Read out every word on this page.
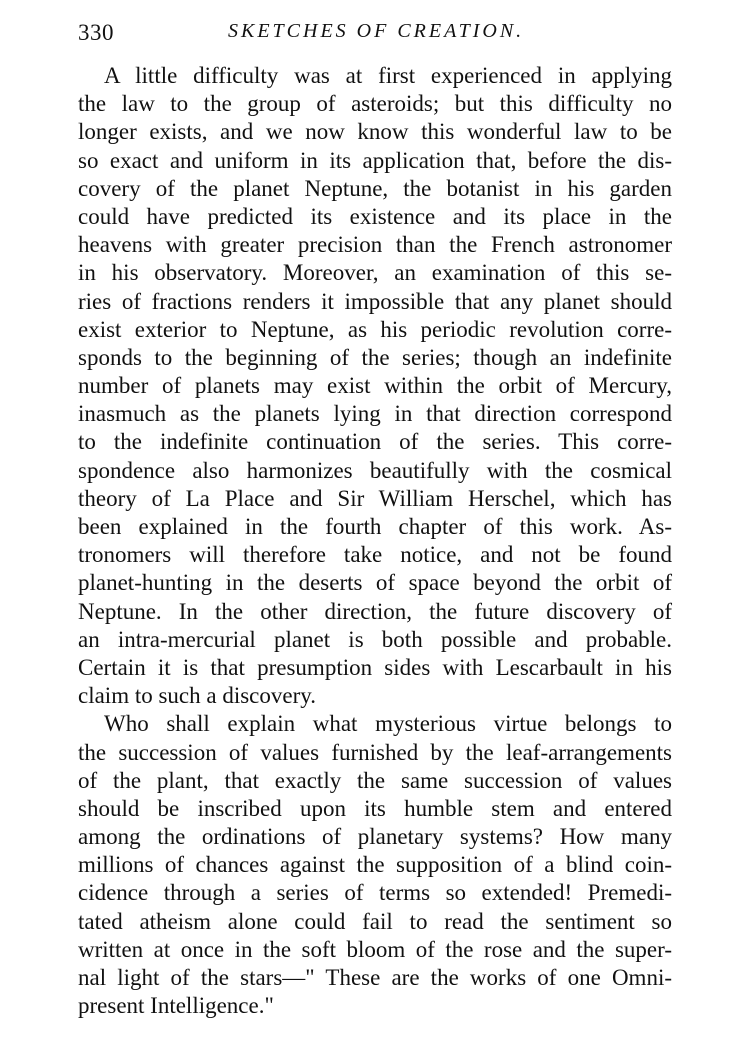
330	SKETCHES OF CREATION.
A little difficulty was at first experienced in applying
the law to the group of asteroids; but this difficulty no
longer exists, and we now know this wonderful law to be
so exact and uniform in its application that, before the dis-
covery of the planet Neptune, the botanist in his garden
could have predicted its existence and its place in the
heavens with greater precision than the French astronomer
in his observatory. Moreover, an examination of this se-
ries of fractions renders it impossible that any planet should
exist exterior to Neptune, as his periodic revolution corre-
sponds to the beginning of the series; though an indefinite
number of planets may exist within the orbit of Mercury,
inasmuch as the planets lying in that direction correspond
to the indefinite continuation of the series. This corre-
spondence also harmonizes beautifully with the cosmical
theory of La Place and Sir William Herschel, which has
been explained in the fourth chapter of this work. As-
tronomers will therefore take notice, and not be found
planet-hunting in the deserts of space beyond the orbit of
Neptune. In the other direction, the future discovery of
an intra-mercurial planet is both possible and probable.
Certain it is that presumption sides with Lescarbault in his
claim to such a discovery.
Who shall explain what mysterious virtue belongs to
the succession of values furnished by the leaf-arrangements
of the plant, that exactly the same succession of values
should be inscribed upon its humble stem and entered
among the ordinations of planetary systems? How many
millions of chances against the supposition of a blind coin-
cidence through a series of terms so extended! Premedi-
tated atheism alone could fail to read the sentiment so
written at once in the soft bloom of the rose and the super-
nal light of the stars—" These are the works of one Omni-
present Intelligence."
